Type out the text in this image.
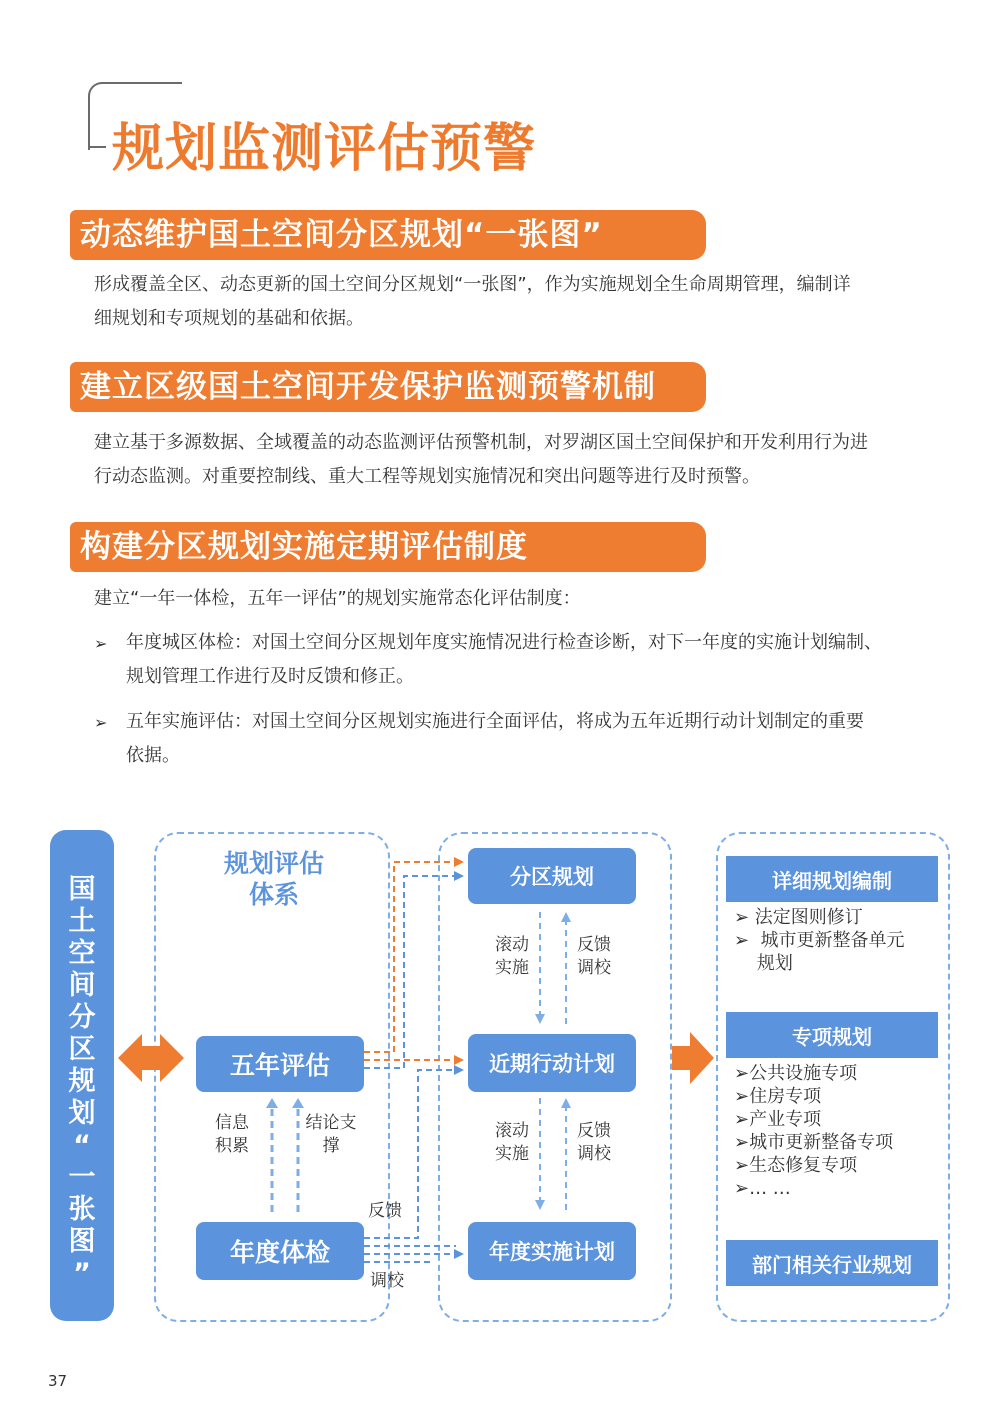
规划监测评估预警
动态维护国土空间分区规划“一张图”
形成覆盖全区、动态更新的国土空间分区规划“一张图”，作为实施规划全生命周期管理，编制详
细规划和专项规划的基础和依据。
建立区级国土空间开发保护监测预警机制
建立基于多源数据、全域覆盖的动态监测评估预警机制，对罗湖区国土空间保护和开发利用行为进
行动态监测。对重要控制线、重大工程等规划实施情况和突出问题等进行及时预警。
构建分区规划实施定期评估制度
建立“一年一体检，五年一评估”的规划实施常态化评估制度：
➢ 年度城区体检：对国土空间分区规划年度实施情况进行检查诊断，对下一年度的实施计划编制、
规划管理工作进行及时反馈和修正。
➢ 五年实施评估：对国土空间分区规划实施进行全面评估，将成为五年近期行动计划制定的重要
依据。
国
土
空
间
分
区
规
划
“
一
张
图
”
规划评估
体系
五年评估
年度体检
信息
积累
结论支
撑
反馈
调校
分区规划
近期行动计划
年度实施计划
滚动
实施
反馈
调校
滚动
实施
反馈
调校
详细规划编制
➢ 法定图则修订
➢  城市更新整备单元
规划
专项规划
➢公共设施专项
➢住房专项
➢产业专项
➢城市更新整备专项
➢生态修复专项
➢… …
部门相关行业规划
37
